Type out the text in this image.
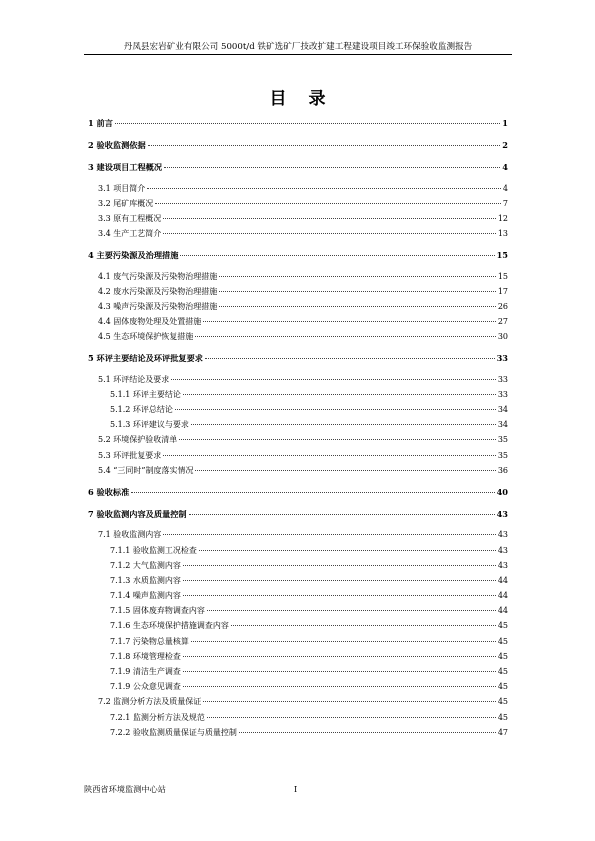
丹凤县宏岩矿业有限公司 5000t/d 铁矿选矿厂技改扩建工程建设项目竣工环保验收监测报告
目 录
1 前言	1
2 验收监测依据	2
3 建设项目工程概况	4
3.1 项目简介	4
3.2 尾矿库概况	7
3.3 原有工程概况	12
3.4 生产工艺简介	13
4 主要污染源及治理措施	15
4.1 废气污染源及污染物治理措施	15
4.2 废水污染源及污染物治理措施	17
4.3 噪声污染源及污染物治理措施	26
4.4 固体废物处理及处置措施	27
4.5 生态环境保护恢复措施	30
5 环评主要结论及环评批复要求	33
5.1 环评结论及要求	33
5.1.1 环评主要结论	33
5.1.2 环评总结论	34
5.1.3 环评建议与要求	34
5.2 环境保护验收清单	35
5.3 环评批复要求	35
5.4 “三同时”制度落实情况	36
6 验收标准	40
7 验收监测内容及质量控制	43
7.1 验收监测内容	43
7.1.1 验收监测工况检查	43
7.1.2 大气监测内容	43
7.1.3 水质监测内容	44
7.1.4 噪声监测内容	44
7.1.5 固体废弃物调查内容	44
7.1.6 生态环境保护措施调查内容	45
7.1.7 污染物总量核算	45
7.1.8 环境管理检查	45
7.1.9 清洁生产调查	45
7.1.9 公众意见调查	45
7.2 监测分析方法及质量保证	45
7.2.1 监测分析方法及规范	45
7.2.2 验收监测质量保证与质量控制	47
陕西省环境监测中心站	I
